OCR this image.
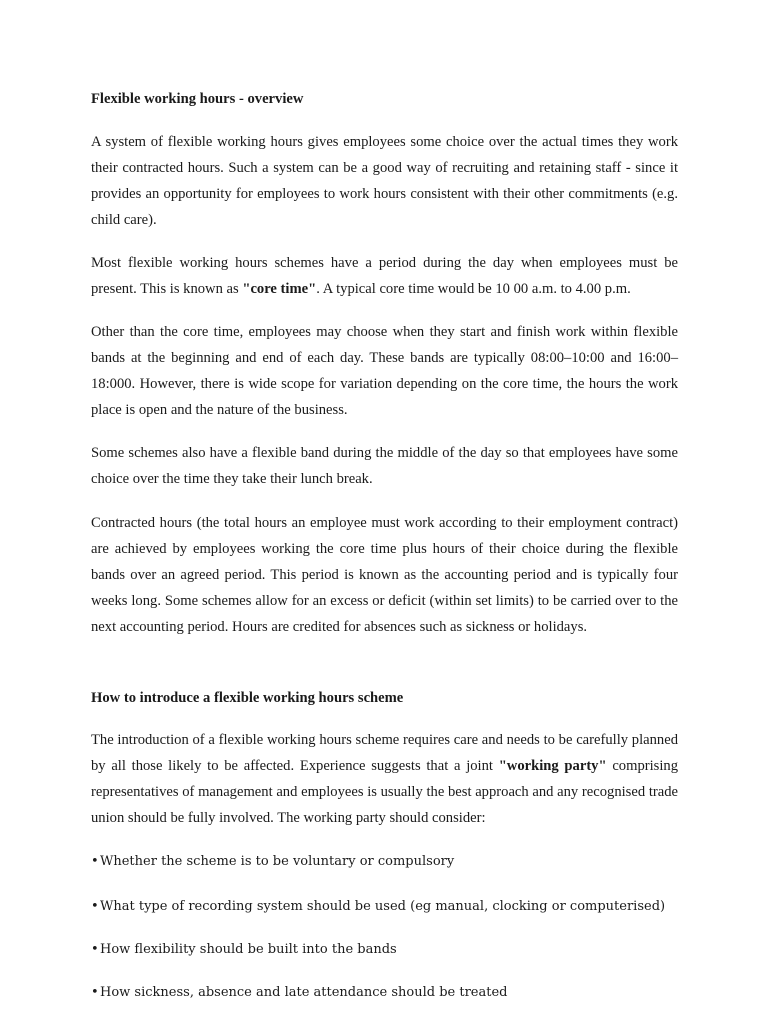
Flexible working hours - overview

A system of flexible working hours gives employees some choice over the actual times they work their contracted hours. Such a system can be a good way of recruiting and retaining staff - since it provides an opportunity for employees to work hours consistent with their other commitments (e.g. child care).

Most flexible working hours schemes have a period during the day when employees must be present. This is known as "core time". A typical core time would be 10 00 a.m. to 4.00 p.m.

Other than the core time, employees may choose when they start and finish work within flexible bands at the beginning and end of each day. These bands are typically 08:00–10:00 and 16:00–18:000. However, there is wide scope for variation depending on the core time, the hours the work place is open and the nature of the business.

Some schemes also have a flexible band during the middle of the day so that employees have some choice over the time they take their lunch break.

Contracted hours (the total hours an employee must work according to their employment contract) are achieved by employees working the core time plus hours of their choice during the flexible bands over an agreed period. This period is known as the accounting period and is typically four weeks long. Some schemes allow for an excess or deficit (within set limits) to be carried over to the next accounting period. Hours are credited for absences such as sickness or holidays.

How to introduce a flexible working hours scheme

The introduction of a flexible working hours scheme requires care and needs to be carefully planned by all those likely to be affected. Experience suggests that a joint "working party" comprising representatives of management and employees is usually the best approach and any recognised trade union should be fully involved. The working party should consider:

•Whether the scheme is to be voluntary or compulsory
•What type of recording system should be used (eg manual, clocking or computerised)
•How flexibility should be built into the bands
•How sickness, absence and late attendance should be treated
